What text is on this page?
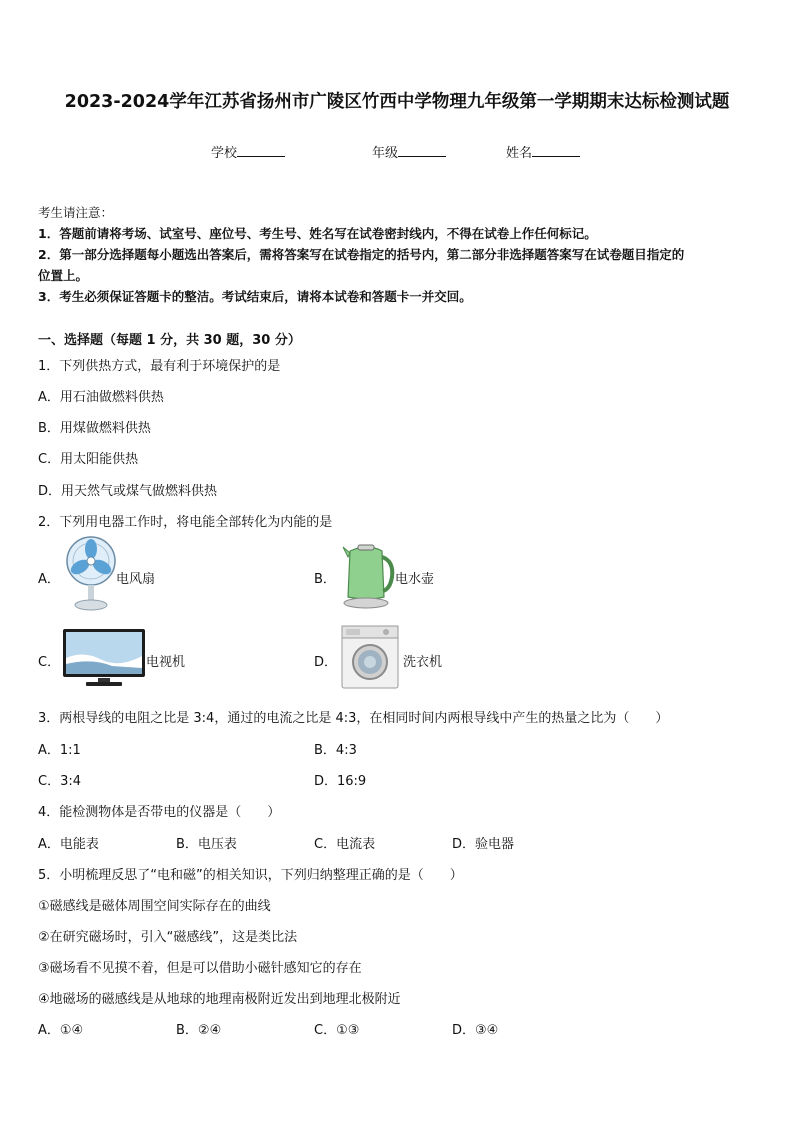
2023-2024学年江苏省扬州市广陵区竹西中学物理九年级第一学期期末达标检测试题
学校	年级	姓名
考生请注意：
1．答题前请将考场、试室号、座位号、考生号、姓名写在试卷密封线内，不得在试卷上作任何标记。
2．第一部分选择题每小题选出答案后，需将答案写在试卷指定的括号内，第二部分非选择题答案写在试卷题目指定的
位置上。
3．考生必须保证答题卡的整洁。考试结束后，请将本试卷和答题卡一并交回。
一、选择题（每题 1 分，共 30 题，30 分）
1．下列供热方式，最有利于环境保护的是
A．用石油做燃料供热
B．用煤做燃料供热
C．用太阳能供热
D．用天然气或煤气做燃料供热
2．下列用电器工作时，将电能全部转化为内能的是
A．	电风扇	B．	电水壶
C．	电视机	D．	洗衣机
3．两根导线的电阻之比是 3:4，通过的电流之比是 4:3，在相同时间内两根导线中产生的热量之比为（　　）
A．1:1	B．4:3
C．3:4	D．16:9
4．能检测物体是否带电的仪器是（　　）
A．电能表	B．电压表	C．电流表	D．验电器
5．小明梳理反思了“电和磁”的相关知识，下列归纳整理正确的是（　　）
①磁感线是磁体周围空间实际存在的曲线
②在研究磁场时，引入“磁感线”，这是类比法
③磁场看不见摸不着，但是可以借助小磁针感知它的存在
④地磁场的磁感线是从地球的地理南极附近发出到地理北极附近
A．①④	B．②④	C．①③	D．③④
